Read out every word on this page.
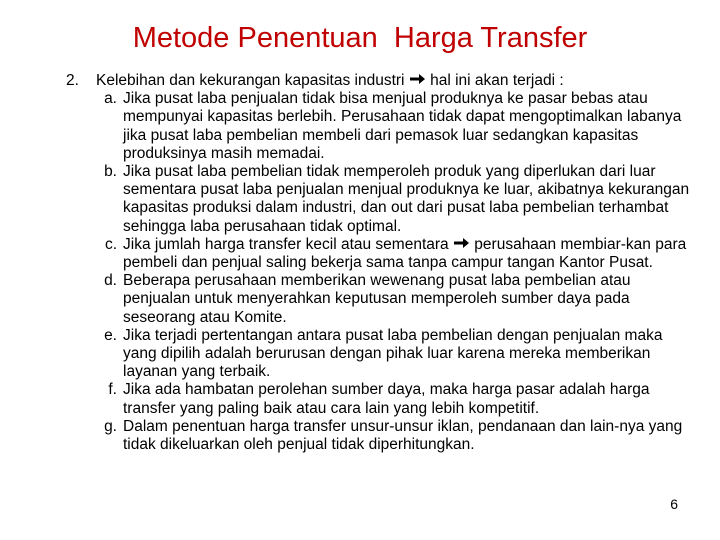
Metode Penentuan  Harga Transfer
2.	Kelebihan dan kekurangan kapasitas industri hal ini akan terjadi :
a. Jika pusat laba penjualan tidak bisa menjual produknya ke pasar bebas atau mempunyai kapasitas berlebih. Perusahaan tidak dapat mengoptimalkan labanya jika pusat laba pembelian membeli dari pemasok luar sedangkan kapasitas produksinya masih memadai.
b. Jika pusat laba pembelian tidak memperoleh produk yang diperlukan dari luar sementara pusat laba penjualan menjual produknya ke luar, akibatnya kekurangan kapasitas produksi dalam industri, dan out dari pusat laba pembelian terhambat sehingga laba perusahaan tidak optimal.
c. Jika jumlah harga transfer kecil atau sementara perusahaan membiar-kan para pembeli dan penjual saling bekerja sama tanpa campur tangan Kantor Pusat.
d. Beberapa perusahaan memberikan wewenang pusat laba pembelian atau penjualan untuk menyerahkan keputusan memperoleh sumber daya pada seseorang atau Komite.
e. Jika terjadi pertentangan antara pusat laba pembelian dengan penjualan maka yang dipilih adalah berurusan dengan pihak luar karena mereka memberikan layanan yang terbaik.
f. Jika ada hambatan perolehan sumber daya, maka harga pasar adalah harga transfer yang paling baik atau cara lain yang lebih kompetitif.
g. Dalam penentuan harga transfer unsur-unsur iklan, pendanaan dan lain-nya yang tidak dikeluarkan oleh penjual tidak diperhitungkan.
6
